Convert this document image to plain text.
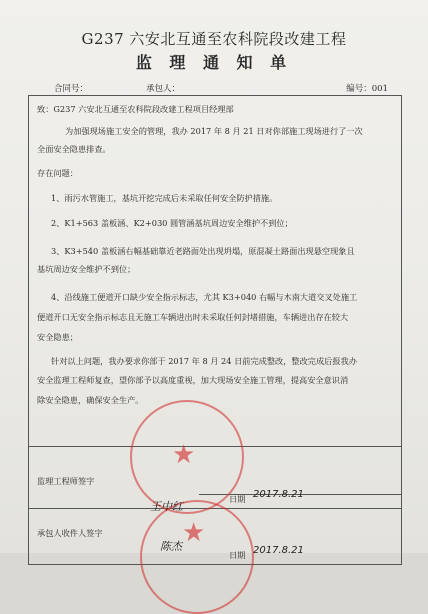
G237 六安北互通至农科院段改建工程
监 理 通 知 单
合同号：	承包人：	编号：001
致：G237 六安北互通至农科院段改建工程项目经理部
为加强现场施工安全的管理，我办 2017 年 8 月 21 日对你部施工现场进行了一次
全面安全隐患排查。
存在问题：
1、雨污水管施工，基坑开挖完成后未采取任何安全防护措施。
2、K1+563 盖板涵、K2+030 圆管涵基坑周边安全维护不到位；
3、K3+540 盖板涵右幅基础靠近老路面处出现坍塌，原混凝土路面出现悬空现象且
基坑周边安全维护不到位；
4、沿线施工便道开口缺少安全指示标志，尤其 K3+040 右幅与木南大道交叉处施工
便道开口无安全指示标志且无施工车辆进出时未采取任何封堵措施，车辆进出存在较大
安全隐患；
针对以上问题，我办要求你部于 2017 年 8 月 24 日前完成整改，整改完成后报我办
安全监理工程师复查，望你部予以高度重视，加大现场安全施工管理，提高安全意识消
除安全隐患，确保安全生产。
监理工程师签字
日期 2017.8.21
承包人收件人签字
日期 2017.8.21
★
★
王中红
陈杰
